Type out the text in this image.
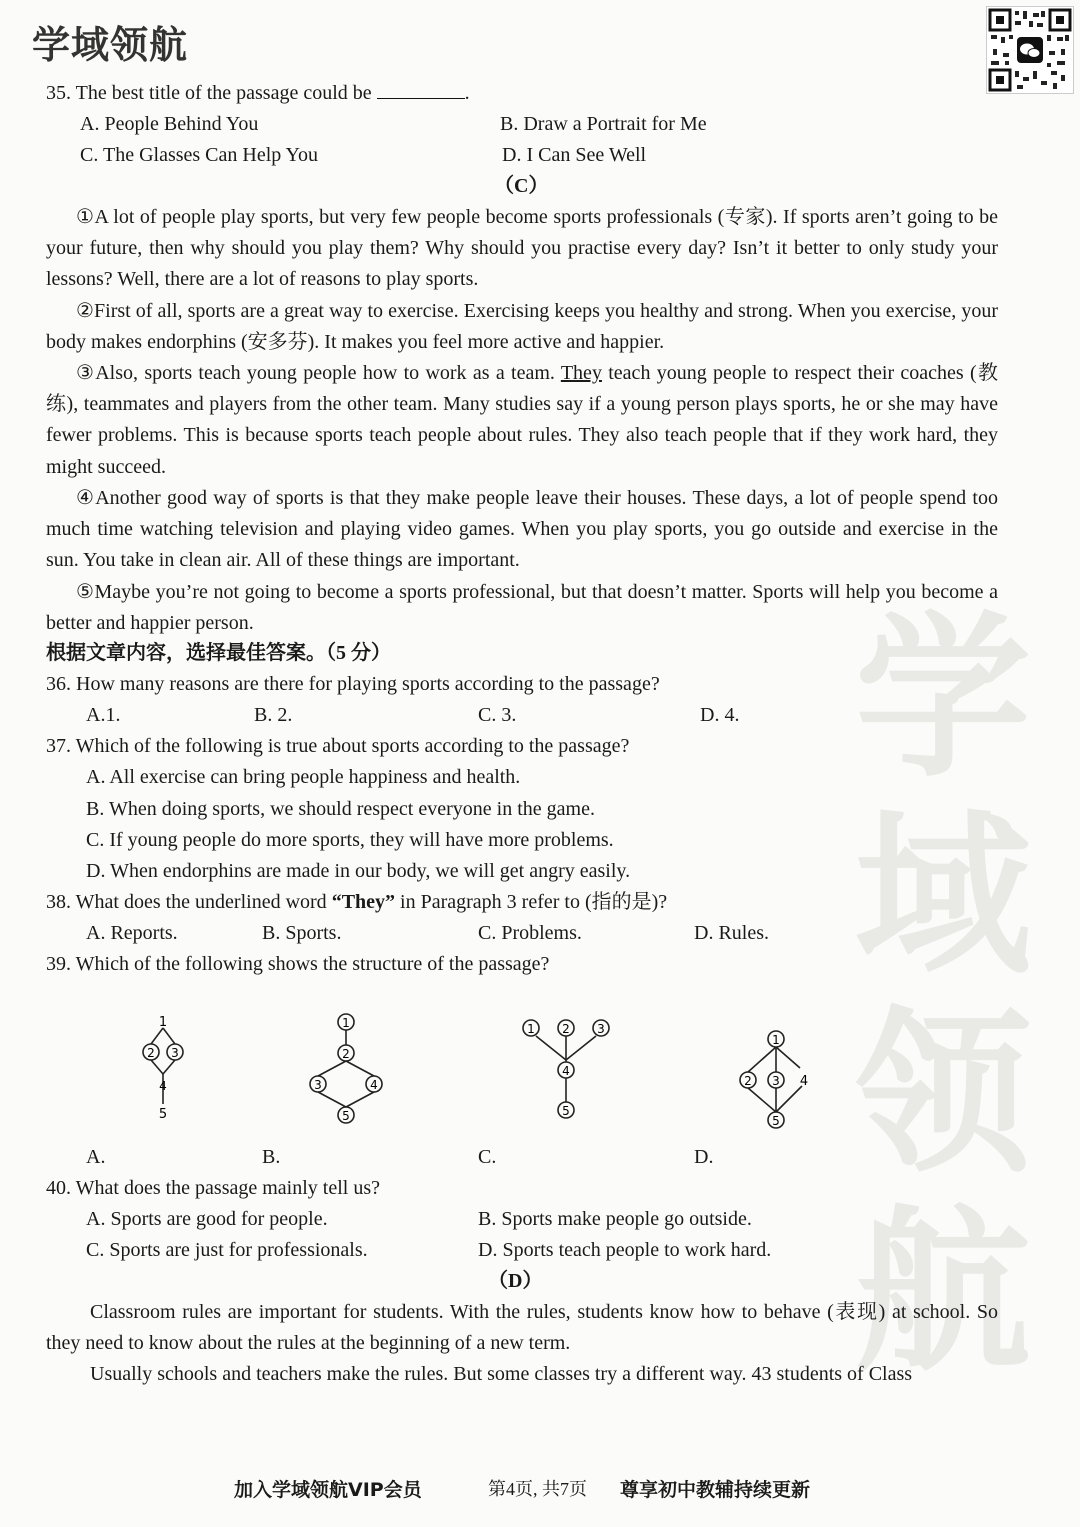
学
域
领
航
学域领航
35. The best title of the passage could be	.
A. People Behind You	B. Draw a Portrait for Me
C. The Glasses Can Help You	D. I Can See Well
（C）
①A lot of people play sports, but very few people become sports professionals (专家). If sports aren’t going to be your future, then why should you play them? Why should you practise every day? Isn’t it better to only study your lessons? Well, there are a lot of reasons to play sports.
②First of all, sports are a great way to exercise. Exercising keeps you healthy and strong. When you exercise, your body makes endorphins (安多芬). It makes you feel more active and happier.
③Also, sports teach young people how to work as a team. They teach young people to respect their coaches (教练), teammates and players from the other team. Many studies say if a young person plays sports, he or she may have fewer problems. This is because sports teach people about rules. They also teach people that if they work hard, they might succeed.
④Another good way of sports is that they make people leave their houses. These days, a lot of people spend too much time watching television and playing video games. When you play sports, you go outside and exercise in the sun. You take in clean air. All of these things are important.
⑤Maybe you’re not going to become a sports professional, but that doesn’t matter. Sports will help you become a better and happier person.
根据文章内容，选择最佳答案。（5 分）
36. How many reasons are there for playing sports according to the passage?
A.1.	B. 2.	C. 3.	D. 4.
37. Which of the following is true about sports according to the passage?
A. All exercise can bring people happiness and health.
B. When doing sports, we should respect everyone in the game.
C. If young people do more sports, they will have more problems.
D. When endorphins are made in our body, we will get angry easily.
38. What does the underlined word “They” in Paragraph 3 refer to (指的是)?
A. Reports.	B. Sports.	C. Problems.	D. Rules.
39. Which of the following shows the structure of the passage?
1
2 3
4
5
1
2
3	4
5
1 2 3
4
5
1
2 3 4
5
A.	B.	C.	D.
40. What does the passage mainly tell us?
A. Sports are good for people.	B. Sports make people go outside.
C. Sports are just for professionals.	D. Sports teach people to work hard.
（D）
Classroom rules are important for students. With the rules, students know how to behave (表现) at school. So they need to know about the rules at the beginning of a new term.
Usually schools and teachers make the rules. But some classes try a different way. 43 students of Class
加入学域领航VIP会员	第4页, 共7页 尊享初中教辅持续更新
